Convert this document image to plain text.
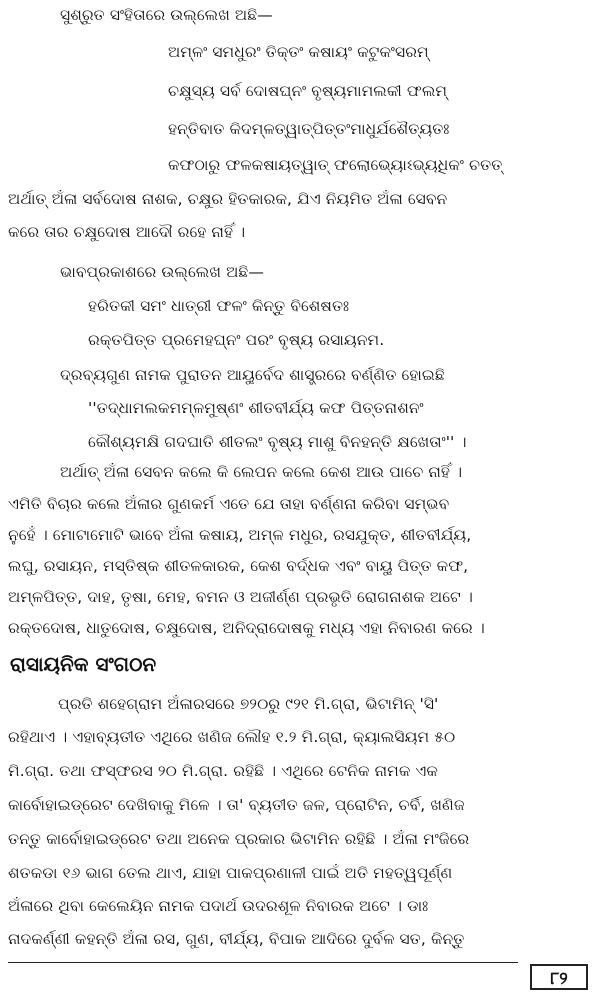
ସୁଶ୍ରୁତ ସଂହିତାରେ ଉଲ୍ଲେଖ ଅଛି—
ଅମ୍ଳଂ ସମଧୁରଂ ତିକ୍ତଂ କଷାୟଂ କଟୁକଂସରମ୍
ଚକ୍ଷୁସ୍ୟ ସର୍ବ ଦୋଷଘ୍ନଂ ବୃଷ୍ୟମାମଲକୀ ଫଲମ୍
ହନ୍ତିବାତ କିଦମ୍ଳତ୍ୱାତ୍ପିତ୍ତଂମାଧୁର୍ଯଶୈତ୍ୟତଃ
କଫଠାରୁ ଫଳକଷାୟତ୍ୱାତ୍ ଫଲୋଭ୍ୟୋଽଭ୍ୟଧିକଂ ଚତତ୍
ଅର୍ଥାତ୍ ଅଁଳା ସର୍ବଦୋଷ ନାଶକ, ଚକ୍ଷୁର ହିତକାରକ, ଯିଏ ନିୟମିତ ଅଁଳା ସେବନ
କରେ ତାର ଚକ୍ଷୁଦୋଷ ଆଦୌ ରହେ ନାହିଁ ।
ଭାବପ୍ରକାଶରେ ଉଲ୍ଲେଖ ଅଛି—
ହରିତକୀ ସମଂ ଧାତ୍ରୀ ଫଳଂ କିନ୍ତୁ ବିଶେଷତଃ
ରକ୍ତପିତ୍ତ ପ୍ରମେହଘ୍ନଂ ପରଂ ବୃଷ୍ୟ ରସାୟନମ.
ଦ୍ରବ୍ୟଗୁଣ ନାମକ ପୁରାତନ ଆୟୁର୍ବେଦ ଶାସ୍ତ୍ରରେ ବର୍ଣ୍ଣିତ ହୋଇଛି
''ତଦ୍ଧାମଲକମମ୍ଳମୁଷ୍ଣଂ ଶୀତବୀର୍ଯ୍ୟ କଫ ପିତ୍ତନାଶନଂ
କୌଶ୍ୟମକ୍ଷି ଗଦଘାତି ଶୀତଲଂ ବୃଷ୍ୟ ମାଶୁ ବିନହନ୍ତି କ୍ଷଖେତାଂ'' ।
ଅର୍ଥାତ୍ ଅଁଳା ସେବନ କଲେ କି ଲେପନ କଲେ କେଶ ଆଉ ପାଚେ ନାହିଁ ।
ଏମିତି ବିଚାର କଲେ ଅଁଳାର ଗୁଣକର୍ମ ଏତେ ଯେ ତାହା ବର୍ଣ୍ଣନା କରିବା ସମ୍ଭବ
ନୁହେଁ । ମୋଟାମୋଟି ଭାବେ ଅଁଳା କଷାୟ, ଅମ୍ଳ ମଧୁର, ରସଯୁକ୍ତ, ଶୀତବୀର୍ଯ୍ୟ,
ଲଘୁ, ରସାୟନ, ମସ୍ତିଷ୍କ ଶୀତଳକାରକ, କେଶ ବର୍ଦ୍ଧକ ଏବଂ ବାୟୁ ପିତ୍ତ କଫ,
ଅମ୍ଳପିତ୍ତ, ଦାହ, ତୃଷା, ମେହ, ବମନ ଓ ଅଜୀର୍ଣ୍ଣ ପ୍ରଭୃତି ରୋଗନାଶକ ଅଟେ ।
ରକ୍ତଦୋଷ, ଧାତୁଦୋଷ, ଚକ୍ଷୁଦୋଷ, ଅନିଦ୍ରାଦୋଷକୁ ମଧ୍ୟ ଏହା ନିବାରଣ କରେ ।
ରାସାୟନିକ ସଂଗଠନ
ପ୍ରତି ଶହେଗ୍ରାମ ଅଁଳାରସରେ ୭୨୦ରୁ ୯୨୧ ମି.ଗ୍ରା, ଭିଟାମିନ୍ 'ସି'
ରହିଥାଏ । ଏହାବ୍ୟତୀତ ଏଥିରେ ଖଣିଜ ଲୌହ ୧.୨ ମି.ଗ୍ରା, କ୍ୟାଲସିୟମ ୫୦
ମି.ଗ୍ରା. ତଥା ଫସ୍ଫରସ ୨୦ ମି.ଗ୍ରା. ରହିଛି । ଏଥିରେ ଟେନିକ ନାମକ ଏକ
କାର୍ବୋହାଇଡ୍ରେଟ ଦେଖିବାକୁ ମିଳେ । ତା' ବ୍ୟତୀତ ଜଳ, ପ୍ରୋଟିନ, ଚର୍ବି, ଖଣିଜ
ତନ୍ତୁ କାର୍ବୋହାଇଡ୍ରେଟ ତଥା ଅନେକ ପ୍ରକାର ଭିଟାମିନ ରହିଛି । ଅଁଳା ମଂଜିରେ
ଶତକଡା ୧୬ ଭାଗ ତେଲ ଥାଏ, ଯାହା ପାକପ୍ରଣାଳୀ ପାଇଁ ଅତି ମହତ୍ୱପୂର୍ଣ୍ଣ
ଅଁଳାରେ ଥିବା କେଲେୟିନ ନାମକ ପଦାର୍ଥ ଉଦରଶୂଳ ନିବାରକ ଅଟେ । ଡାଃ
ନାଦକର୍ଣ୍ଣୀ କହନ୍ତି ଅଁଳା ରସ, ଗୁଣ, ବୀର୍ଯ୍ୟ, ବିପାକ ଆଦିରେ ଦୁର୍ବଳ ସତ, କିନ୍ତୁ
୮୨
